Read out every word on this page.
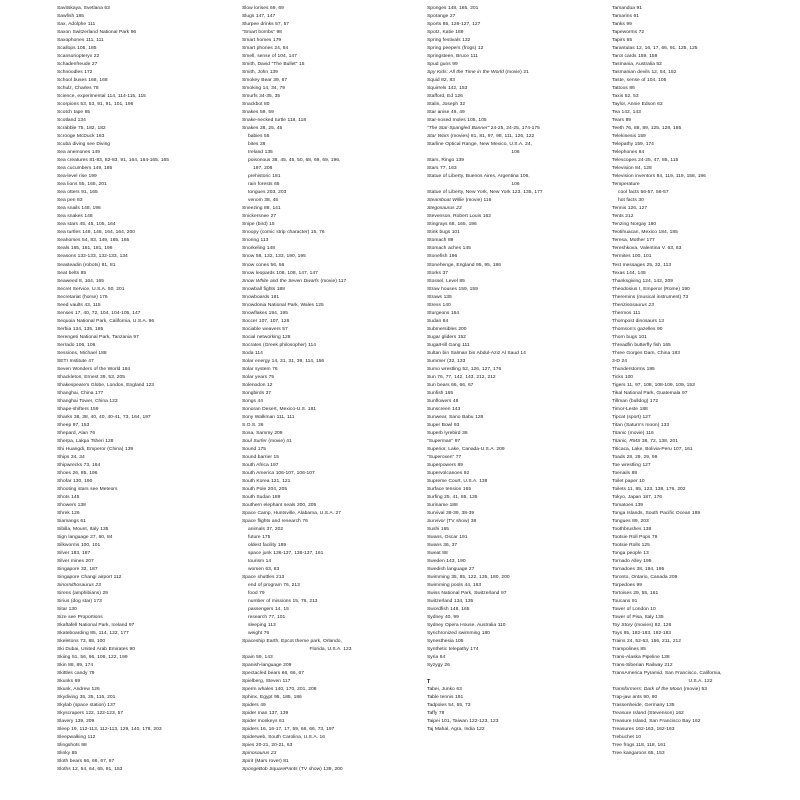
Savitskaya, Svetlana 63
Sawfish 185
Sax, Adolphe 111
Saxon Switzerland National Park 96
Saxophones 111, 111
Scallops 105, 185
Scansoriopteryx 22
Schadenfreude 27
Schnoodles 172
School buses 168, 168
Schulz, Charles 78
Science, experimental 114, 114-115, 115
Scorpions 53, 53, 91, 91, 101, 196
Scotch tape 85
Scotland 134
Scrabble 75, 182, 182
Scrooge McDuck 163
Scuba diving see Diving
Sea anemones 149
Sea creatures 81-83, 82-83, 91, 164, 164-165, 165
Sea cucumbers 149, 185
Sea-level rise 199
Sea lions 55, 165, 201
Sea otters 91, 165
Sea pen 83
Sea snails 148, 196
Sea snakes 148
Sea stars 45, 45, 105, 164
Sea turtles 148, 148, 164, 164, 200
Seahorses 54, 83, 149, 165, 165
Seals 165, 181, 181, 196
Seasons 132-133, 132-133, 134
Seasteadin (robots) 81, 81
Seat belts 85
Seaweed 8, 164, 165
Secret Service, U.S.A. 50, 201
Secretariat (horse) 176
Seed vaults 43, 115
Senses 17, 40, 72, 104, 104-105, 147
Sequoia National Park, California, U.S.A. 96
Serbia 134, 135, 185
Serengeti National Park, Tanzania 97
Serrado 106, 106
Sessions, Michael 188
SETI Institute 47
Seven Wonders of the World 184
Shackleton, Ernest 39, 53, 205
Shakespeare's Globe, London, England 123
Shanghai, China 177
Shanghai Tower, China 123
Shape-shifters 159
Sharks 38, 38, 40, 40, 40-41, 73, 164, 197
Sheep 97, 153
Shepard, Alan 76
Sherpa, Lakpa Tsheri 128
Shi Huangdi, Emperor (China) 139
Ships 34, 34
Shipwrecks 73, 164
Shoes 26, 85, 196
Shofar 130, 190
Shooting stars see Meteors
Shots 145
Showers 138
Shrek 126
Siamangs 61
Sibilla, Mount, Italy 135
Sign language 27, 60, 84
Silkworms 100, 101
Silver 183, 187
Silver mines 207
Singapore 32, 187
Singapore Changi airport 112
Sinornithosaurus 23
Sirens (amphibians) 29
Sirius (dog star) 173
Sitar 130
Size see Proportions
Skaftafell National Park, Iceland 97
Skateboarding 85, 114, 122, 177
Skeletons 73, 88, 100
Ski Dubai, United Arab Emirates 90
Skiing 51, 56, 96, 106, 122, 199
Skin 88, 89, 174
Skittles candy 79
Skunks 69
Skunk, Andrew 126
Skydiving 35, 35, 115, 201
Skylab (space station) 137
Skyscrapers 122, 122-123, 57
Slavery 139, 209
Sleep 19, 112-113, 112-113, 129, 140, 178, 203
Sleepwalking 112
Slingshots 98
Slinky 85
Sloth bears 66, 66, 67, 67
Sloths 12, 54, 64, 65, 91, 153
Slow lorises 69, 69
Slugs 147, 147
Slurpee drinks 57, 57
"Smart bombs" 98
Smart homes 179
Smart phones 24, 84
Smell, sense of 104, 147
Smith, David "The Bullet" 15
Smith, John 139
Smokey Bear 39, 67
Smoking 14, 34, 79
Smurfs 34-35, 35
Snackbot 80
Snakes 59, 59
Snake-necked turtle 118, 118
Snakes 28, 25, 45
babies 55
bites 28
Ireland 135
poisonous 38, 45, 45, 50, 68, 69, 69, 196,
197, 208
prehistoric 181
rain forests 65
tongues 203, 203
venom 38, 45
Sneezing 88, 141
Snickersnee 27
Snipe (bird) 15
Snoopy (comic strip character) 15, 76
Snoring 113
Snorkeling 148
Snow 58, 132, 133, 190, 195
Snow cones 56, 56
Snow leopards 108, 108, 147, 147
Snow White and the Seven Dwarfs (movie) 117
Snowball fights 188
Snowboards 181
Snowdonia National Park, Wales 125
Snowflakes 194, 195
Soccer 107, 107, 126
Sociable weavers 57
Social networking 128
Socrates (Greek philosopher) 114
Soda 114
Solar energy 14, 31, 31, 39, 114, 156
Solar system 76
Solar years 75
Solenodon 12
Songbirds 37
Songs 44
Sonoran Desert, Mexico-U.S. 181
Sony Walkman 111, 111
S.O.S. 36
Sosa, Sammy 209
Soul Surfer (movie) 41
Sound 175
Sound barrier 15
South Africa 197
South America 106-107, 106-107
South Korea 121, 121
South Pole 204, 205
South Sudan 189
Southern elephant seals 200, 205
Space Camp, Huntsville, Alabama, U.S.A. 27
Space flights and research 76
animals 37, 202
future 175
oldest facility 189
space junk 136-137, 136-137, 161
tourism 14
women 63, 83
Space shuttles 213
end of program 76, 213
food 79
number of missions 15, 76, 213
passengers 14, 15
research 77, 101
sleeping 113
weight 76
Spaceship Earth, Epcot theme park, Orlando,
Florida, U.S.A. 123
Spain 59, 143
Spanish-language 209
Spectacled bears 66, 66, 67
Spielberg, Steven 117
Sperm whales 140, 170, 201, 208
Sphinx, Egypt 95, 185, 186
Spiders 49
Spider man 137, 139
Spider monkeys 61
Spiders 16, 16-17, 17, 59, 66, 66, 73, 197
Spiderweb, South Carolina, U.S.A. 16
Spies 20-21, 20-21, 63
Spinosaurus 23
Spirit (Mars rover) 81
SpongeBob SquarePants (TV show) 139, 200
Sponges 148, 165, 201
Sporange 27
Sports 85, 126-127, 127
Spotz, Katie 189
Spring festivals 132
Spring peepers (frogs) 12
Springsteen, Bruce 111
Spud guns 99
Spy Kids: All the Time in the World (movie) 21
Squid 82, 83
Squirrels 142, 153
Stafford, Ed 126
Stalin, Joseph 32
Star anise 49, 49
Star-nosed moles 105, 105
"The Star-Spangled Banner" 24-25, 24-25, 174-175
Star Wars (movies) 81, 81, 97, 98, 111, 126, 122
Starline Optical Range, New Mexico, U.S.A. 24,
106
Stars, Ringo 139
Stars 77, 163
Statue of Liberty, Buenos Aires, Argentina 106,
106
Statue of Liberty, New York, New York 123, 135, 177
Steamboat Willie (movie) 116
Stegosaurus 23
Stevenson, Robert Louis 162
Stingrays 68, 165, 196
Stink bugs 101
Stomach 89
Stomach aches 145
Stonefish 196
Stonehenge, England 95, 95, 186
Storks 37
Stossel, Level 85
Straw houses 159, 159
Straws 135
Stress 140
Sturgeons 164
Sudan 84
Submersibles 200
Sugar gliders 152
SugarHill Gang 111
Sultan bin Salman bin Abdul-Aziz Al Saud 14
Summer (32, 133
Sumo wrestling 52, 126, 127, 176
Sun 76, 77, 142, 143, 212, 212
Sun bears 66, 66, 67
Sunfish 165
Sunflowers 48
Sunscreen 143
Sunwear, Sano Babu 128
Super Bowl 93
Superb lyrebird 36
"Superman" 97
Superior, Lake, Canada-U.S.A. 209
"Superoxen" 77
Superpowers 89
Supervolcanoes 92
Supreme Court, U.S.A. 138
Surface tension 165
Surfing 25, 41, 85, 135
Suriname 188
Survival 38-39, 38-39
Survivor (TV show) 38
Sushi 165
Swans, Oscar 191
Swans 36, 37
Sweat 88
Sweden 143, 190
Swedish language 27
Swimming 35, 85, 122, 135, 180, 200
Swimming pools 44, 163
Swiss National Park, Switzerland 97
Switzerland 134, 135
Swordfish 148, 165
Sydney 40, 99
Sydney Opera House, Australia 110
Synchronized swimming 180
Synesthesia 105
Synthetic telepathy 174
Syria 84
Syzygy 26
T
Tabei, Junko 63
Table tennis 191
Tadpoles 54, 55, 73
Taffy 78
Taipei 101, Taiwan 122-123, 123
Taj Mahal, Agra, India 122
Tamandua 91
Tamarins 61
Tanks 99
Tapeworms 72
Tapirs 65
Tarantulas 12, 16, 17, 66, 91, 125, 125
Tarot cards 159, 159
Tasmania, Australia 52
Tasmanian devils 12, 54, 152
Taste, sense of 104, 105
Tattoos 86
Taxis 52, 53
Taylor, Annie Edson 63
Tea 142, 143
Tears 89
Teeth 76, 88, 89, 125, 128, 185
Telekinesis 159
Telepathy 159, 174
Telephones 84
Telescopes 24-25, 47, 85, 115
Television 84, 128
Television inventors 84, 119, 119, 158, 196
Temperature
cool facts 56-57, 56-57
hot facts 30
Tennis 126, 127
Tents 212
Tenzing Norgay 180
Teotihuacan, Mexico 184, 185
Teresa, Mother 177
Tereshkova, Valentina V. 63, 63
Termites 100, 101
Test messages 25, 32, 113
Texas 144, 145
Thanksgiving 124, 142, 209
Theodosius I, Emperor (Rome) 190
Theremins (musical instrument) 73
Therizinosaurus 23
Thermos 111
Thornpost dinosaurs 13
Thomson's gazelles 90
Thorn bugs 101
Threadfin butterfly fish 165
Three Gorges Dam, China 183
3-D 24
Thunderstorms 195
Ticks 100
Tigers 11, 97, 108, 108-109, 109, 153
Tikal National Park, Guatemala 97
Tillman (bulldog) 172
Timor-Leste 188
Tipcat (sport) 127
Titan (Saturn's moon) 133
Titanic (movie) 116
Titanic, RMS 38, 72, 138, 201
Titicaca, Lake, Bolivia-Peru 107, 161
Toads 28, 29, 29, 99
Toe wrestling 127
Toenails 88
Toilet paper 10
Toilets 11, 85, 123, 138, 176, 202
Tokyo, Japan 187, 176
Tomatoes 139
Tonga Islands, South Pacific Ocean 189
Tongues 89, 203
Toothbrushes 138
Tootsie Roll Pops 79
Tootsie Rolls 125
Tonga people 13
Tornado Alley 195
Tornadoes 38, 194, 195
Toronto, Ontario, Canada 209
Torpedoes 99
Tortoises 29, 55, 161
Toucans 91
Tower of London 10
Tower of Pisa, Italy 135
Toy Story (movies) 82, 126
Toys 85, 182-183, 182-183
Trains 24, 52-53, 156, 211, 212
Trampolines 85
Trans-Alaska Pipeline 138
Trans-Siberian Railway 212
TransAmerica Pyramid, San Francisco, California,
U.S.A. 122
Transformers: Dark of the Moon (movie) 53
Trap-jaw ants 90, 90
Trassenheide, Germany 135
Treasure Island (Stevenson) 162
Treasure Island, San Francisco Bay 162
Treasures 162-163, 162-163
Trebuchet 10
Tree frogs 118, 118, 161
Tree kangaroos 65, 153
